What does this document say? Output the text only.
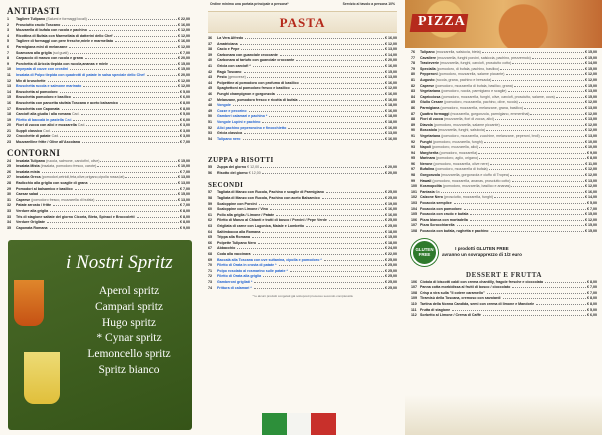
ANTIPASTI
1	Tagliere Tulipano (Salumi e formaggi locali)	€ 22,00
2	Prosciutto crudo Toscano	€ 16,00
3	Mozzarella di bufala con rucola e pachino	€ 12,00
4	Ricottina di Bufala con Marmellata di datterini dello Chef	€ 12,00
5	Tagliere di formaggi con pere fresche,miele e marmellata	€ 16,00
6	Parmigiana mini di melanzane	€ 12,00
7	Scamorza alla griglia (sul guati)	€ 7,00
8	Carpaccio di manzo con rucola e grana	€ 20,00
9	Porchetta di Ariccia tiepida con rucola,ananas e miele	€ 15,00
10	Impepata di cozze con crostini	€ 15,00
11	Insalata di Polpo tiepida con quadrotti di patate in salsa speciale dello Chef	€ 20,00
12	Mix di bruschette	€ 12,00
13	Bruschetta rucola e salmone marinato	€ 12,00
14	Bruschetta al pomodoro	€ 5,00
15	Bruschetta pomodoro e basilico	€ 6,00
16	Bruschetta con pancetta stufata Toscana e aceto balsamico	€ 8,00
17	Bruschetta con Caponata	€ 8,00
18	Carciofi alla giudia / alla romana Cad.	€ 5,00
19	Filetto di baccalà in pastella Cad.	€ 6,00
20	Fiori di zucca con alici e mozzarella Cad.	€ 3,00
21	Supplì classico Cad.	€ 3,00
22	Crocchette di patate Cad.	€ 3,00
23	Mozzarelline fritte / Olive all'Ascolana	€ 7,00
CONTORNI
24	Insalata Tulipano (rucola, salmone, carciofini, olive)	€ 15,00
25	Insalata Mista (insalata, pomodoro fresco, carote)	€ 10,00
26	Insalata mista	€ 7,00
27	Insalata Greca (pomodori,cetrioli,feta,olive,origano,cipolla rossa,lat)	€ 13,00
28	Radicchio alla griglia con scaglie di grana	€ 13,00
29	Pomodori al balsamico e basilico	€ 7,00
30	Caesar salad	€ 15,00
31	Caprese (pomodoro fresco, mozzarella di bufala)	€ 13,00
32	Patate arrosto / fritte	€ 7,00
33	Verdure alla griglia	€ 8,00
33	Tris di stagione saltate del giorno Cicoria, Bieta, Spinaci e Broccoletti	€ 8,00
34	Verdure Grigliate	€ 8,00
35	Caponata Romana	€ 9,00
i Nostri Spritz
Aperol spritz
Campari spritz
Hugo spritz
* Cynar spritz
Lemoncello spritz
Spritz bianco
Ordine minimo una portata principale a persona*	Servizio al tavolo a persona 10%
PASTA
36	La Vera Alfredo	€ 16,00
37	Amatriciana	€ 12,00
38	Cacio e Pepe	€ 13,00
39	Carbonara con guanciale croccante	€ 14,00
40	Carbonara al tartufo con guanciale croccante	€ 20,00
41	Gricia con carciofi *	€ 16,00
42	Ragù Toscano	€ 15,00
43	Pesto (genovese)	€ 13,00
44	Polpettine al pomodoro con profumo di basilico	€ 16,00
45	Spaghettoni al pomodoro fresco e basilico	€ 12,00
46	Funghi champignon e gorgonzola	€ 16,00
47	Melanzane, pomodoro fresco e ricotta di bufala	€ 16,00
48	Vongole	€ 18,00
49	Cozze e pecorino	€ 16,00
50	Gamberi calamari e pachino *	€ 18,00
51	Vongole Lupini e pachino	€ 18,00
52	Alici pachino peperoncino e finocchietto	€ 16,00
53	Gricia classica	€ 13,00
54	Tulipano nero	€ 16,00
ZUPPA e RISOTTI
55	Zuppa del giorno € 12,00	€ 20,00
56	Risotto del giorno € 12,00	€ 20,00
SECONDI
57	Tagliata di Manzo con Rucola, Pachino e scaglie di Parmigiano	€ 25,00
58	Tagliata di Manzo con Rucola, Pachino con aceto Balsamico	€ 25,00
59	Scaloppine con Porcini	€ 19,00
60	Scaloppine con Limone / Vino	€ 16,00
61	Pollo alla griglia / Limone / Patate	€ 16,00
62	Filetto di Manzo al Chianti e trutti di bosco / Porcini / Pepe Verde	€ 25,00
63	Grigliata di carne con Lugonica, Maiale e Lombetto	€ 25,00
64	Saltimbocca alla Romana	€ 18,00
65	Trippa alla Romana	€ 15,00
66	Polpette Tulipano Nero	€ 18,00
67	Abbacchio	€ 24,00
68	Coda alla vaccinara	€ 22,00
69	Baccalà alla Toscana con uve sultanina, cipolla e pomodoro *	€ 25,00
70	Filetto di Orata in crosta di patate *	€ 25,00
71	Polpo rosolato al rosmarino sulle patate *	€ 25,00
72	Filetto di Orata alla griglia	€ 25,00
73	Gamberoni grigliati *	€ 25,00
74	Frittura di calamari *	€ 25,00
* le alcuni prodotti congelati già sottoposti processo secondo complessità
PIZZA
76	Tulipano (mozzarella, salsiccia, bieta)	€ 15,00
77	Cavaliere (mozzarella, funghi porcini, salsiccia, pachino, prezzemolo)	€ 15,00
78	Trasteverie (mozzarella, funghi, carciofi, prosciutto cotto)	€ 14,00
79	Specialla (pomodoro, di bufala, pachino, basilico)	€ 15,00
80	Pepperoni (pomodoro, mozzarella, salame piccante)	€ 12,00
81	Augusto (rucola, grana, pachino e bresaola)	€ 12,00
82	Caprese (pomodoro, mozzarella di bufala, basilico, grana)	€ 15,00
83	Vegetariana (pomodoro, rucola, parmigiano e scaglie)	€ 13,00
84	Capricciosa (pomodoro, mozzarella, funghi, olive, carciofi, prosciutto, salame, uova)	€ 15,00
85	Giulio Cesare (pomodoro, mozzarella, pachino, olive, rucola)	€ 12,00
86	Parmigiana (pomodoro, mozzarella, melanzane, grana, basilico)	€ 13,00
87	Quattro formaggi (mozzarella, gorgonzola, parmigiano, emmenthal)	€ 12,00
88	Fiori di zucca (mozzarella, fiori di zucca, alici)	€ 13,00
89	Diavola (pomodoro, mozzarella, salame piccante)	€ 12,00
90	Boscaiola (mozzarella, funghi, salsiccia)	€ 12,00
91	Vegetariana (pomodoro, mozzarella, zucchine, melanzane, peperoni, broli)	€ 13,00
92	Funghi (pomodoro, mozzarella, funghi)	€ 10,00
93	Napoli (pomodoro, mozzarella, alici)	€ 10,00
94	Margherita (pomodoro, mozzarella)	€ 9,00
95	Marinara (pomodoro, aglio, origano)	€ 8,00
96	Nerone (pomodoro, mozzarella, olive nere)	€ 11,00
97	Bufalina (pomodoro, mozzarella di bufala)	€ 12,00
98	Gorgonzola (mozzarella, gorgonzola e ciuffo di Tropea)	€ 12,00
99	Hawaii (pomodoro, mozzarella, ananas, prosciutto cotto)	€ 13,00
100 Kosmopolita (pomodoro, mozzarella, basilico e ananas)	€ 12,00
101 Fantasia 6a	€ 16,00
102 Calzone Nero (prosciutto, mozzarella, funghi)	€ 14,00
103 Focaccia semplice	€ 5,00
104 Focaccia con pomodoro	€ 7,00
105 Focaccia con crudo e bufala	€ 15,00
106 Pizza bianca con mortadella	€ 12,00
107 Pizza Scrocchiarella	€ 15,00
108 Focaccia con bufala, rughetta e pachino	€ 15,00
GLUTEN FREE
I prodotti GLUTEN FREE
avranno un sovrapprezzo di 1/2 euro
DESSERT E FRUTTA
106 Ciotola di biscotti caldi con crema chantilly, fragole fresche e cioccolata	€ 8,00
107 Panna cotta morbidissa al frutti di bosco / cioccolato	€ 7,00
108 Crisp a vira sulla "Il cotere caramello"	€ 7,00
109 Tiramisù della Toscana, cremoso con savoiardi	€ 8,00
110 Tartina della Nonna Candida, semi con crema di limone e Mandorle	€ 8,00
111 Frutta di stagione	€ 5,00
112 Sorbetto al Limone / Crema di Caffè	€ 6,00
